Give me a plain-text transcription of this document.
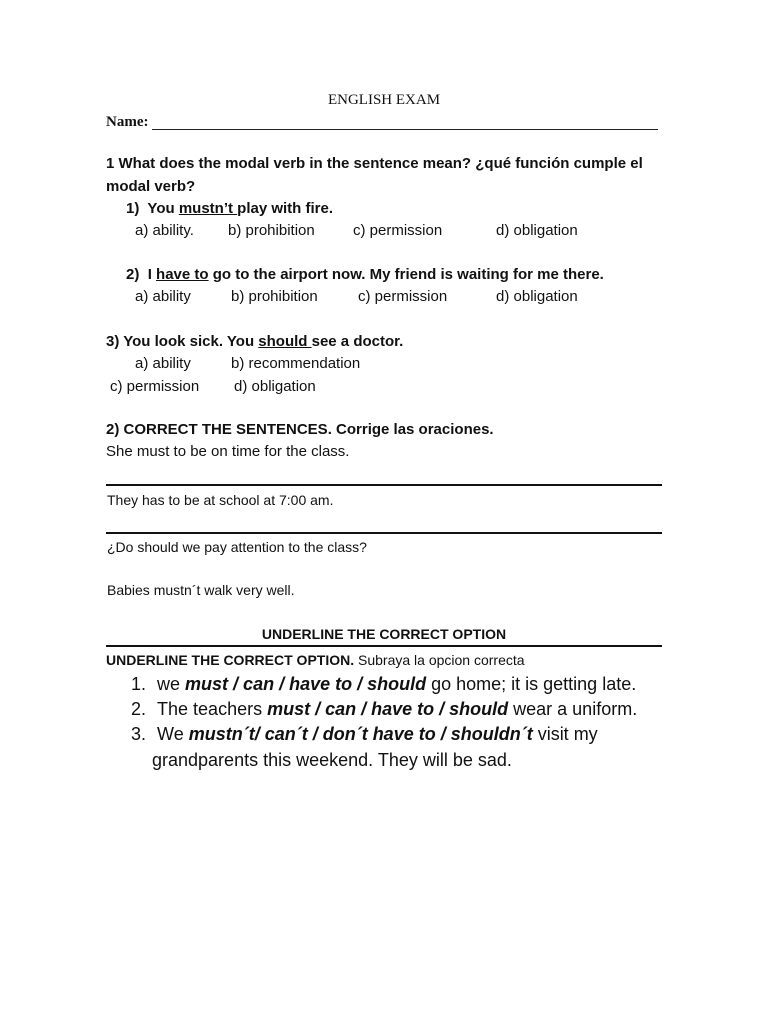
ENGLISH EXAM
Name:
1 What does the modal verb in the sentence mean? ¿qué función cumple el
modal verb?
1) You mustn’t play with fire.
a) ability. b) prohibition	c) permission	d) obligation
2) I have to go to the airport now. My friend is waiting for me there.
a) ability	b) prohibition	c) permission	d) obligation
3) You look sick. You should see a doctor.
a) ability	b) recommendation
c) permission d) obligation
2) CORRECT THE SENTENCES. Corrige las oraciones.
She must to be on time for the class.
They has to be at school at 7:00 am.
¿Do should we pay attention to the class?
Babies mustn´t walk very well.
UNDERLINE THE CORRECT OPTION
UNDERLINE THE CORRECT OPTION. Subraya la opcion correcta
1. we must / can / have to / should go home; it is getting late.
2. The teachers must / can / have to / should wear a uniform.
3. We mustn´t/ can´t / don´t have to / shouldn´t visit my
grandparents this weekend. They will be sad.
